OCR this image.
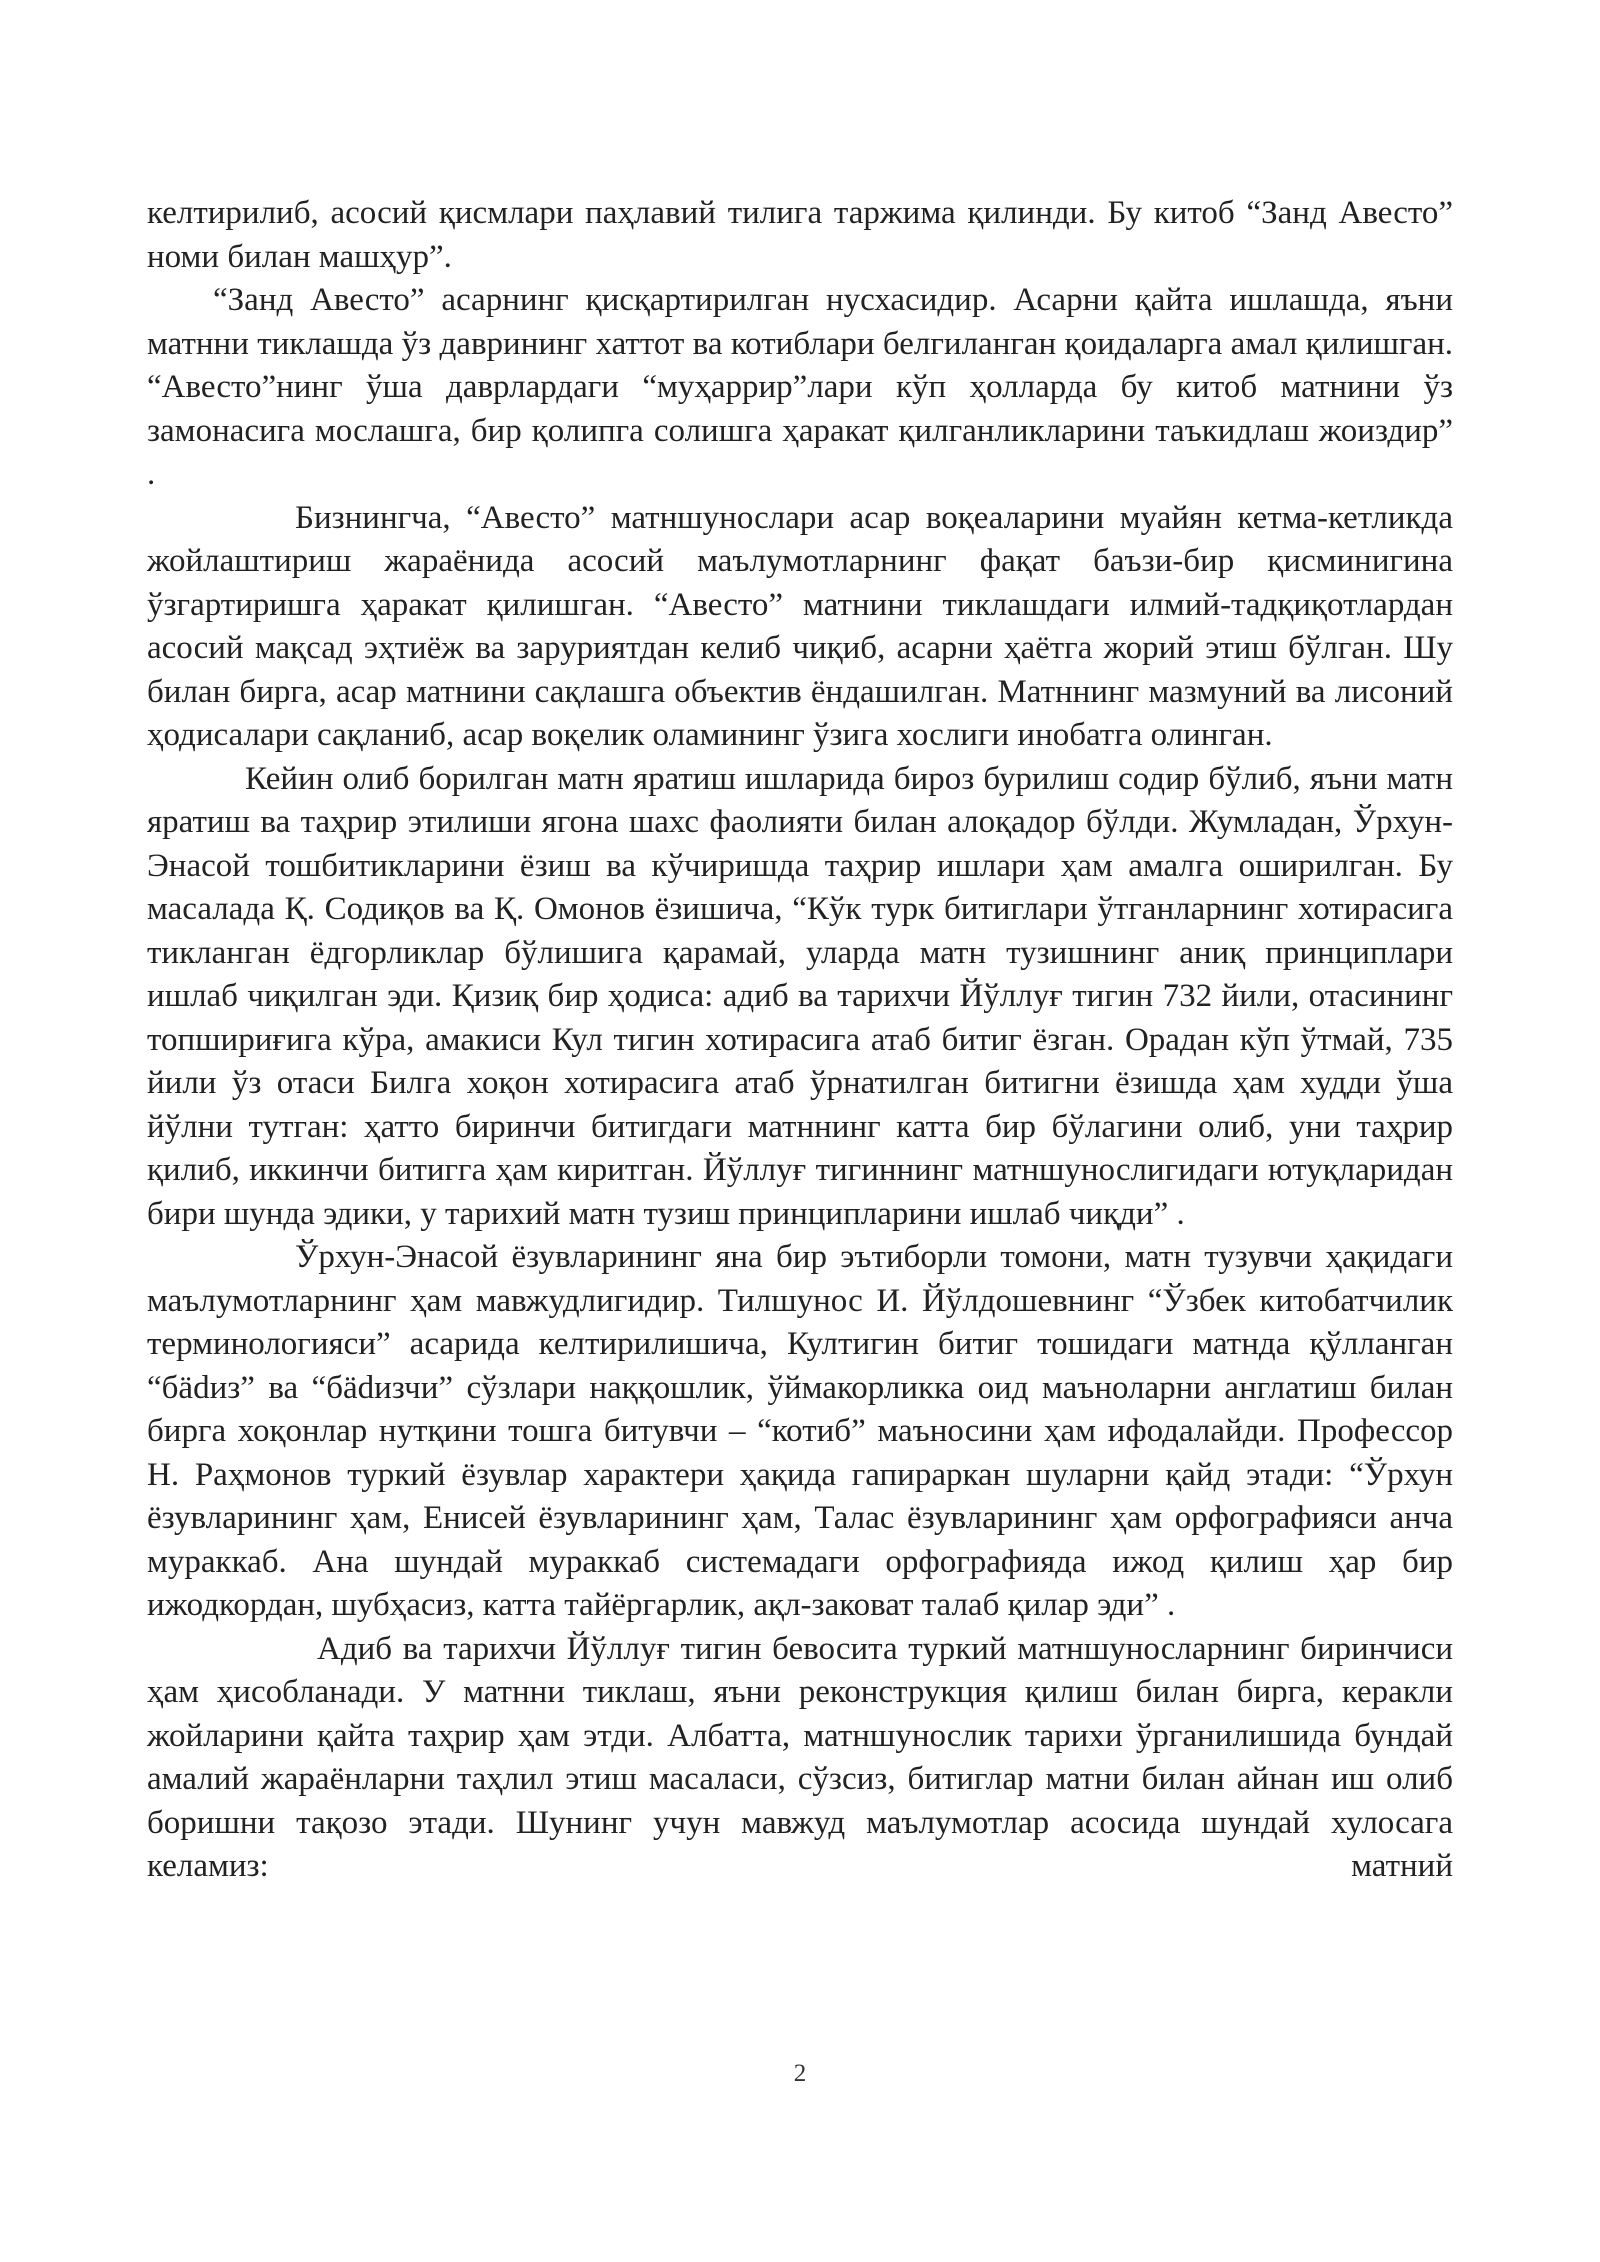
келтирилиб, асосий қисмлари паҳлавий тилига таржима қилинди. Бу китоб “Занд Авесто” номи билан машҳур”.

“Занд Авесто” асарнинг қисқартирилган нусхасидир. Асарни қайта ишлашда, яъни матнни тиклашда ўз даврининг хаттот ва котиблари белгиланган қоидаларга амал қилишган. “Авесто”нинг ўша даврлардаги “муҳаррир”лари кўп ҳолларда бу китоб матнини ўз замонасига мослашга, бир қолипга солишга ҳаракат қилганликларини таъкидлаш жоиздир” .

Бизнингча, “Авесто” матншунослари асар воқеаларини муайян кетма-кетликда жойлаштириш жараёнида асосий маълумотларнинг фақат баъзи-бир қисминигина ўзгартиришга ҳаракат қилишган. “Авесто” матнини тиклашдаги илмий-тадқиқотлардан асосий мақсад эҳтиёж ва заруриятдан келиб чиқиб, асарни ҳаётга жорий этиш бўлган. Шу билан бирга, асар матнини сақлашга объектив ёндашилган. Матннинг мазмуний ва лисоний ҳодисалари сақланиб, асар воқелик оламининг ўзига хослиги инобатга олинган.

Кейин олиб борилган матн яратиш ишларида бироз бурилиш содир бўлиб, яъни матн яратиш ва таҳрир этилиши ягона шахс фаолияти билан алоқадор бўлди. Жумладан, Ўрхун-Энасой тошбитикларини ёзиш ва кўчиришда таҳрир ишлари ҳам амалга оширилган. Бу масалада Қ. Содиқов ва Қ. Омонов ёзишича, “Кўк турк битиглари ўтганларнинг хотирасига тикланган ёдгорликлар бўлишига қарамай, уларда матн тузишнинг аниқ принциплари ишлаб чиқилган эди. Қизиқ бир ҳодиса: адиб ва тарихчи Йўллуғ тигин 732 йили, отасининг топшириғига кўра, амакиси Кул тигин хотирасига атаб битиг ёзган. Орадан кўп ўтмай, 735 йили ўз отаси Билга хоқон хотирасига атаб ўрнатилган битигни ёзишда ҳам худди ўша йўлни тутган: ҳатто биринчи битигдаги матннинг катта бир бўлагини олиб, уни таҳрир қилиб, иккинчи битигга ҳам киритган. Йўллуғ тигиннинг матншунослигидаги ютуқларидан бири шунда эдики, у тарихий матн тузиш принципларини ишлаб чиқди” .

Ўрхун-Энасой ёзувларининг яна бир эътиборли томони, матн тузувчи ҳақидаги маълумотларнинг ҳам мавжудлигидир. Тилшунос И. Йўлдошевнинг “Ўзбек китобатчилик терминологияси” асарида келтирилишича, Култигин битиг тошидаги матнда қўлланган “бädиз” ва “бädизчи” сўзлари наққошлик, ўймакорликка оид маъноларни англатиш билан бирга хоқонлар нутқини тошга битувчи – “котиб” маъносини ҳам ифодалайди. Профессор Н. Раҳмонов туркий ёзувлар характери ҳақида гапираркан шуларни қайд этади: “Ўрхун ёзувларининг ҳам, Енисей ёзувларининг ҳам, Талас ёзувларининг ҳам орфографияси анча мураккаб. Ана шундай мураккаб системадаги орфографияда ижод қилиш ҳар бир ижодкордан, шубҳасиз, катта тайёргарлик, ақл-заковат талаб қилар эди” .

Адиб ва тарихчи Йўллуғ тигин бевосита туркий матншуносларнинг биринчиси ҳам ҳисобланади. У матнни тиклаш, яъни реконструкция қилиш билан бирга, керакли жойларини қайта таҳрир ҳам этди. Албатта, матншунослик тарихи ўрганилишида бундай амалий жараёнларни таҳлил этиш масаласи, сўзсиз, битиглар матни билан айнан иш олиб боришни тақозо этади. Шунинг учун мавжуд маълумотлар асосида шундай хулосага келамиз: матний

2
